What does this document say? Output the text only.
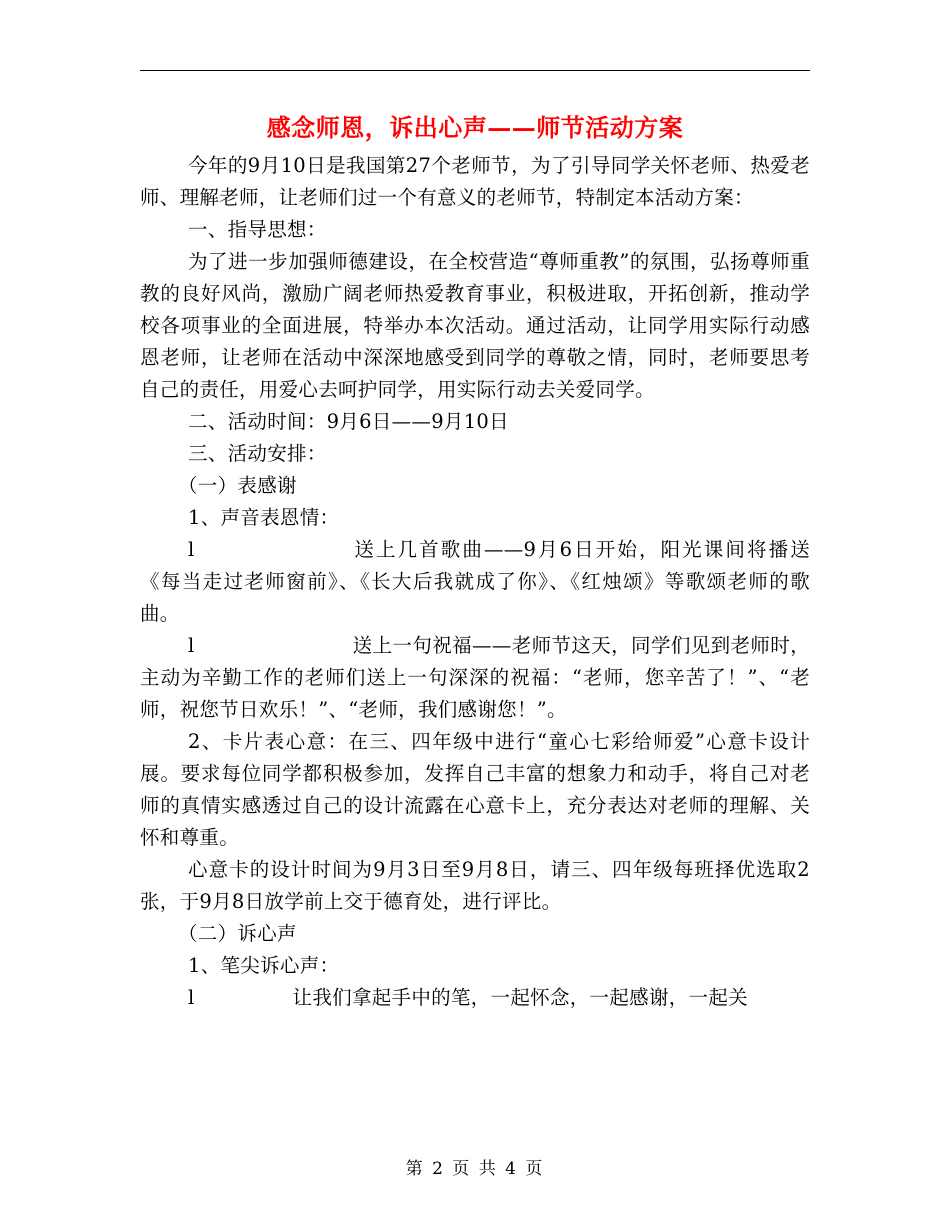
感念师恩，诉出心声——师节活动方案

今年的9月10日是我国第27个老师节，为了引导同学关怀老师、热爱老师、理解老师，让老师们过一个有意义的老师节，特制定本活动方案：

一、指导思想：

为了进一步加强师德建设，在全校营造“尊师重教”的氛围，弘扬尊师重教的良好风尚，激励广阔老师热爱教育事业，积极进取，开拓创新，推动学校各项事业的全面进展，特举办本次活动。通过活动，让同学用实际行动感恩老师，让老师在活动中深深地感受到同学的尊敬之情，同时，老师要思考自己的责任，用爱心去呵护同学，用实际行动去关爱同学。

二、活动时间：9月6日——9月10日

三、活动安排：

（一）表感谢

1、声音表恩情：

l	送上几首歌曲——9月6日开始，阳光课间将播送《每当走过老师窗前》、《长大后我就成了你》、《红烛颂》等歌颂老师的歌曲。

l	送上一句祝福——老师节这天，同学们见到老师时，主动为辛勤工作的老师们送上一句深深的祝福：“老师，您辛苦了！”、“老师，祝您节日欢乐！”、“老师，我们感谢您！”。

2、卡片表心意：在三、四年级中进行“童心七彩给师爱”心意卡设计展。要求每位同学都积极参加，发挥自己丰富的想象力和动手，将自己对老师的真情实感透过自己的设计流露在心意卡上，充分表达对老师的理解、关怀和尊重。

心意卡的设计时间为9月3日至9月8日，请三、四年级每班择优选取2张，于9月8日放学前上交于德育处，进行评比。

（二）诉心声

1、笔尖诉心声：

l	让我们拿起手中的笔，一起怀念，一起感谢，一起关

第 2 页 共 4 页
